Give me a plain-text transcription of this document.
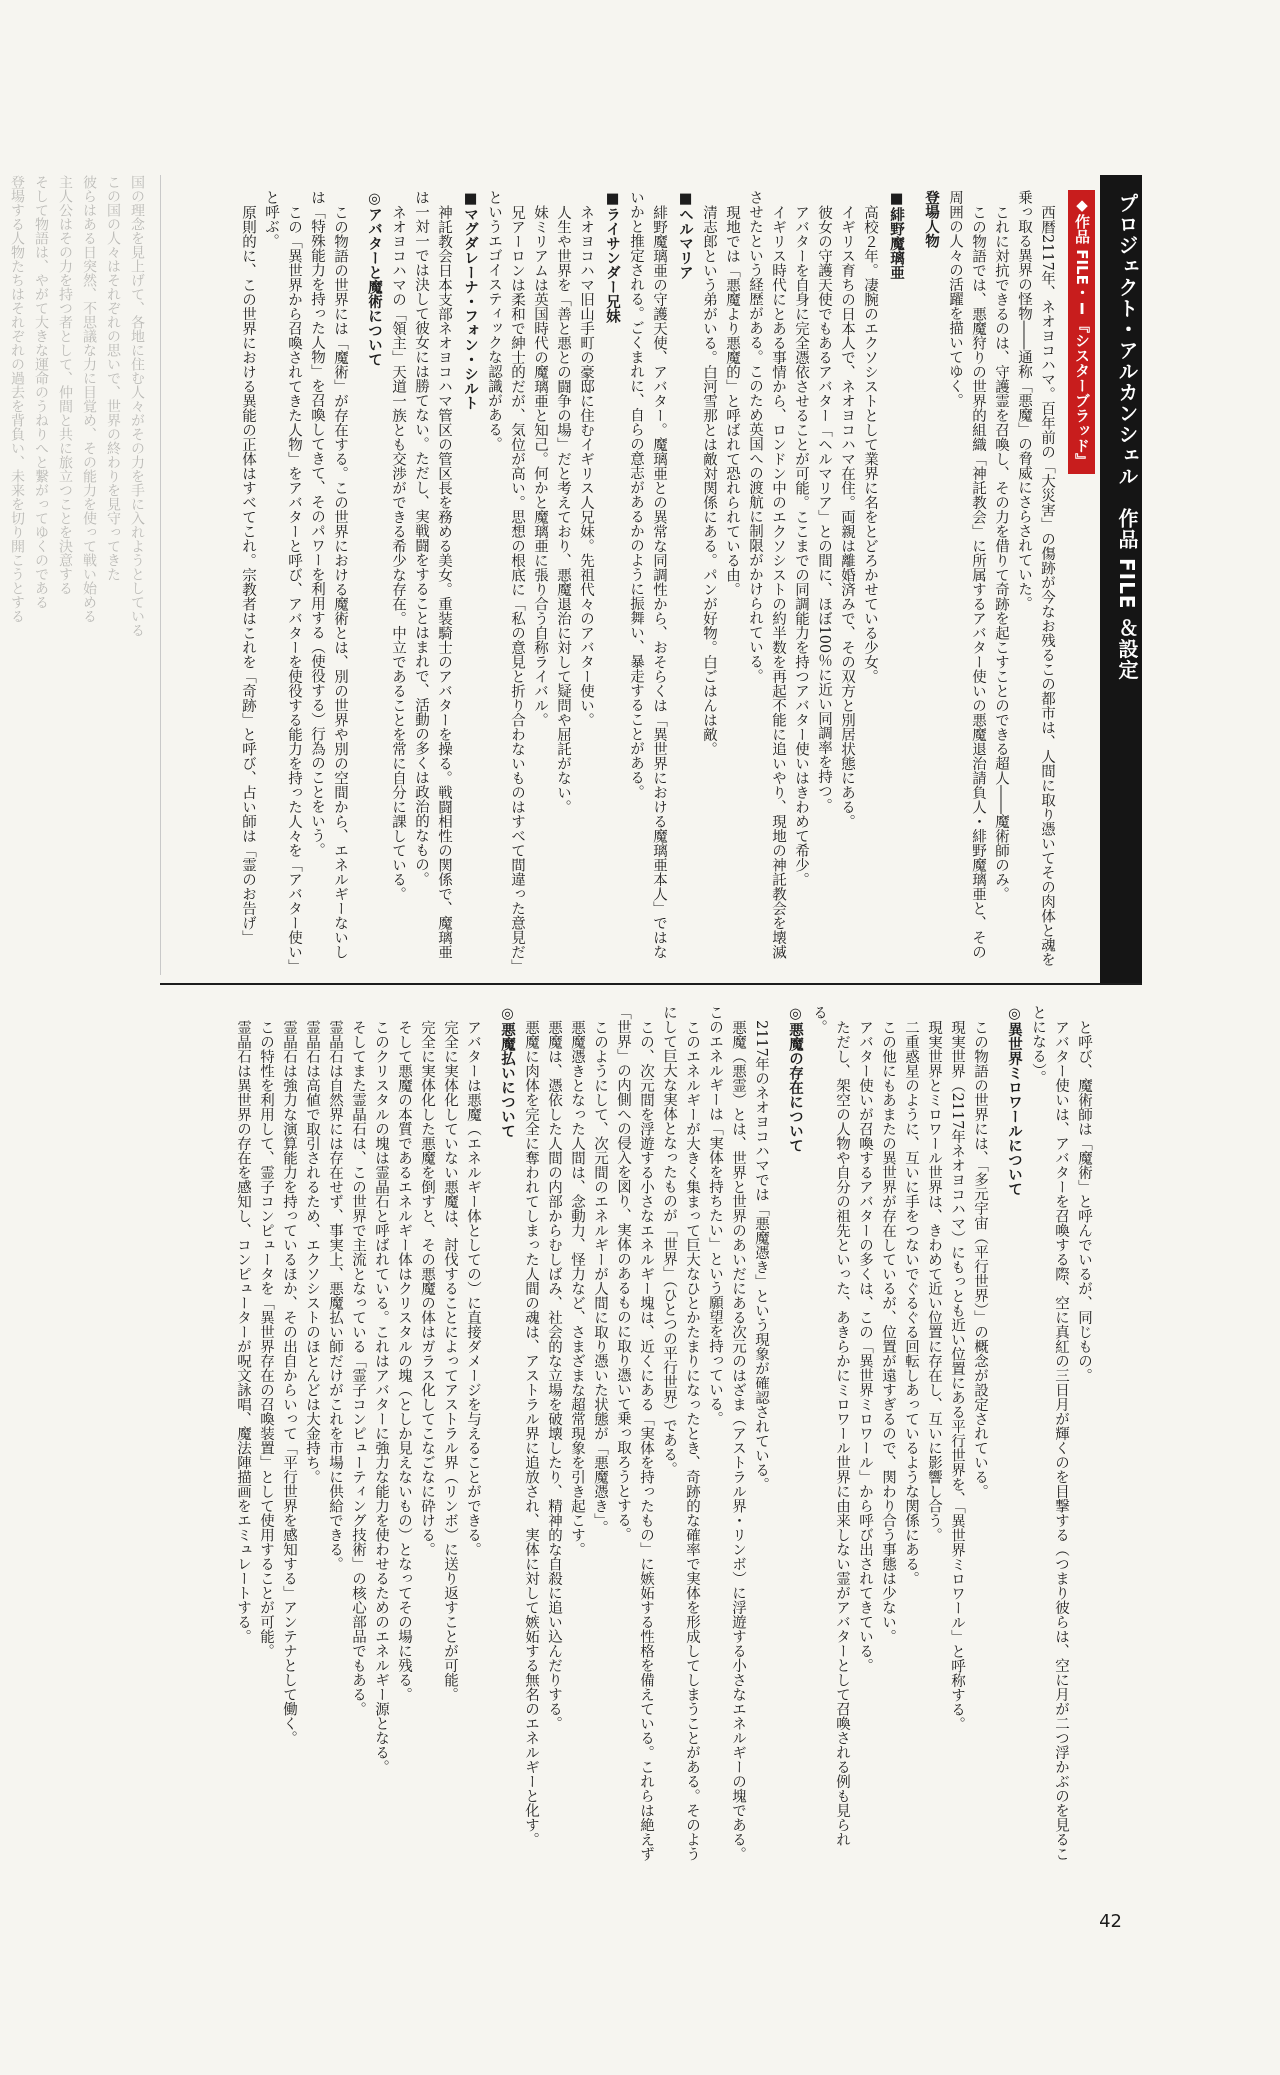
国の理念を見上げて、各地に住む人々がその力を手に入れようとしている
この国の人々はそれぞれの思いで、世界の終わりを見守ってきた
彼らはある日突然、不思議な力に目覚め、その能力を使って戦い始める
主人公はその力を持つ者として、仲間と共に旅立つことを決意する
そして物語は、やがて大きな運命のうねりへと繋がってゆくのである
登場する人物たちはそれぞれの過去を背負い、未来を切り開こうとする	プロジェクト・アルカンシェル　作品 FILE ＆設定
◆作品 FILE・Ⅰ『シスターブラッド』

西暦2117年、ネオヨコハマ。百年前の「大災害」の傷跡が今なお残るこの都市は、人間に取り憑いてその肉体と魂を乗っ取る異界の怪物――通称「悪魔」の脅威にさらされていた。

これに対抗できるのは、守護霊を召喚し、その力を借りて奇跡を起こすことのできる超人――魔術師のみ。

この物語では、悪魔狩りの世界的組織「神託教会」に所属するアバター使いの悪魔退治請負人・緋野魔璃亜と、その周囲の人々の活躍を描いてゆく。

登場人物

■緋野魔璃亜

高校２年。凄腕のエクソシストとして業界に名をとどろかせている少女。

イギリス育ちの日本人で、ネオヨコハマ在住。両親は離婚済みで、その双方と別居状態にある。

彼女の守護天使でもあるアバター「ヘルマリア」との間に、ほぼ100％に近い同調率を持つ。

アバターを自身に完全憑依させることが可能。ここまでの同調能力を持つアバター使いはきわめて希少。

イギリス時代にとある事情から、ロンドン中のエクソシストの約半数を再起不能に追いやり、現地の神託教会を壊滅させたという経歴がある。このため英国への渡航に制限がかけられている。

現地では「悪魔より悪魔的」と呼ばれて恐れられている由。

清志郎という弟がいる。白河雪那とは敵対関係にある。パンが好物。白ごはんは敵。

■ヘルマリア

緋野魔璃亜の守護天使、アバター。魔璃亜との異常な同調性から、おそらくは「異世界における魔璃亜本人」ではないかと推定される。ごくまれに、自らの意志があるかのように振舞い、暴走することがある。

■ライサンダー兄妹

ネオヨコハマ旧山手町の豪邸に住むイギリス人兄妹。先祖代々のアバター使い。

人生や世界を「善と悪との闘争の場」だと考えており、悪魔退治に対して疑問や屈託がない。

妹ミリアムは英国時代の魔璃亜と知己。何かと魔璃亜に張り合う自称ライバル。

兄アーロンは柔和で紳士的だが、気位が高い。思想の根底に「私の意見と折り合わないものはすべて間違った意見だ」というエゴイスティックな認識がある。

■マグダレーナ・フォン・シルト

神託教会日本支部ネオヨコハマ管区の管区長を務める美女。重装騎士のアバターを操る。戦闘相性の関係で、魔璃亜は一対一では決して彼女には勝てない。ただし、実戦闘をすることはまれで、活動の多くは政治的なもの。

ネオヨコハマの「領主」天道一族とも交渉ができる希少な存在。中立であることを常に自分に課している。

◎アバターと魔術について

この物語の世界には「魔術」が存在する。この世界における魔術とは、別の世界や別の空間から、エネルギーないしは「特殊能力を持った人物」を召喚してきて、そのパワーを利用する（使役する）行為のことをいう。

この「異世界から召喚されてきた人物」をアバターと呼び、アバターを使役する能力を持った人々を「アバター使い」と呼ぶ。

原則的に、この世界における異能の正体はすべてこれ。宗教者はこれを「奇跡」と呼び、占い師は「霊のお告げ」

と呼び、魔術師は「魔術」と呼んでいるが、同じもの。

アバター使いは、アバターを召喚する際、空に真紅の三日月が輝くのを目撃する（つまり彼らは、空に月が二つ浮かぶのを見ることになる）。

◎異世界ミロワールについて

この物語の世界には、「多元宇宙（平行世界）」の概念が設定されている。

現実世界（2117年ネオヨコハマ）にもっとも近い位置にある平行世界を、「異世界ミロワール」と呼称する。

現実世界とミロワール世界は、きわめて近い位置に存在し、互いに影響し合う。

二重惑星のように、互いに手をつないでぐるぐる回転しあっているような関係にある。

この他にもあまたの異世界が存在しているが、位置が遠すぎるので、関わり合う事態は少ない。

アバター使いが召喚するアバターの多くは、この「異世界ミロワール」から呼び出されてきている。

ただし、架空の人物や自分の祖先といった、あきらかにミロワール世界に由来しない霊がアバターとして召喚される例も見られる。

◎悪魔の存在について

2117年のネオヨコハマでは「悪魔憑き」という現象が確認されている。

悪魔（悪霊）とは、世界と世界のあいだにある次元のはざま（アストラル界・リンボ）に浮遊する小さなエネルギーの塊である。このエネルギーは「実体を持ちたい」という願望を持っている。

このエネルギーが大きく集まって巨大なひとかたまりになったとき、奇跡的な確率で実体を形成してしまうことがある。そのようにして巨大な実体となったものが「世界」（ひとつの平行世界）である。

この、次元間を浮遊する小さなエネルギー塊は、近くにある「実体を持ったもの」に嫉妬する性格を備えている。これらは絶えず「世界」の内側への侵入を図り、実体のあるものに取り憑いて乗っ取ろうとする。

このようにして、次元間のエネルギーが人間に取り憑いた状態が「悪魔憑き」。

悪魔憑きとなった人間は、念動力、怪力など、さまざまな超常現象を引き起こす。

悪魔は、憑依した人間の内部からむしばみ、社会的な立場を破壊したり、精神的な自殺に追い込んだりする。

悪魔に肉体を完全に奪われてしまった人間の魂は、アストラル界に追放され、実体に対して嫉妬する無名のエネルギーと化す。

◎悪魔払いについて

アバターは悪魔（エネルギー体としての）に直接ダメージを与えることができる。

完全に実体化していない悪魔は、討伐することによってアストラル界（リンボ）に送り返すことが可能。

完全に実体化した悪魔を倒すと、その悪魔の体はガラス化してこなごなに砕ける。

そして悪魔の本質であるエネルギー体はクリスタルの塊（としか見えないもの）となってその場に残る。

このクリスタルの塊は霊晶石と呼ばれている。これはアバターに強力な能力を使わせるためのエネルギー源となる。

そしてまた霊晶石は、この世界で主流となっている「霊子コンピューティング技術」の核心部品でもある。

霊晶石は自然界には存在せず、事実上、悪魔払い師だけがこれを市場に供給できる。

霊晶石は高値で取引されるため、エクソシストのほとんどは大金持ち。

霊晶石は強力な演算能力を持っているほか、その出自からいって「平行世界を感知する」アンテナとして働く。

この特性を利用して、霊子コンピュータを「異世界存在の召喚装置」として使用することが可能。

霊晶石は異世界の存在を感知し、コンピューターが呪文詠唱、魔法陣描画をエミュレートする。

42
